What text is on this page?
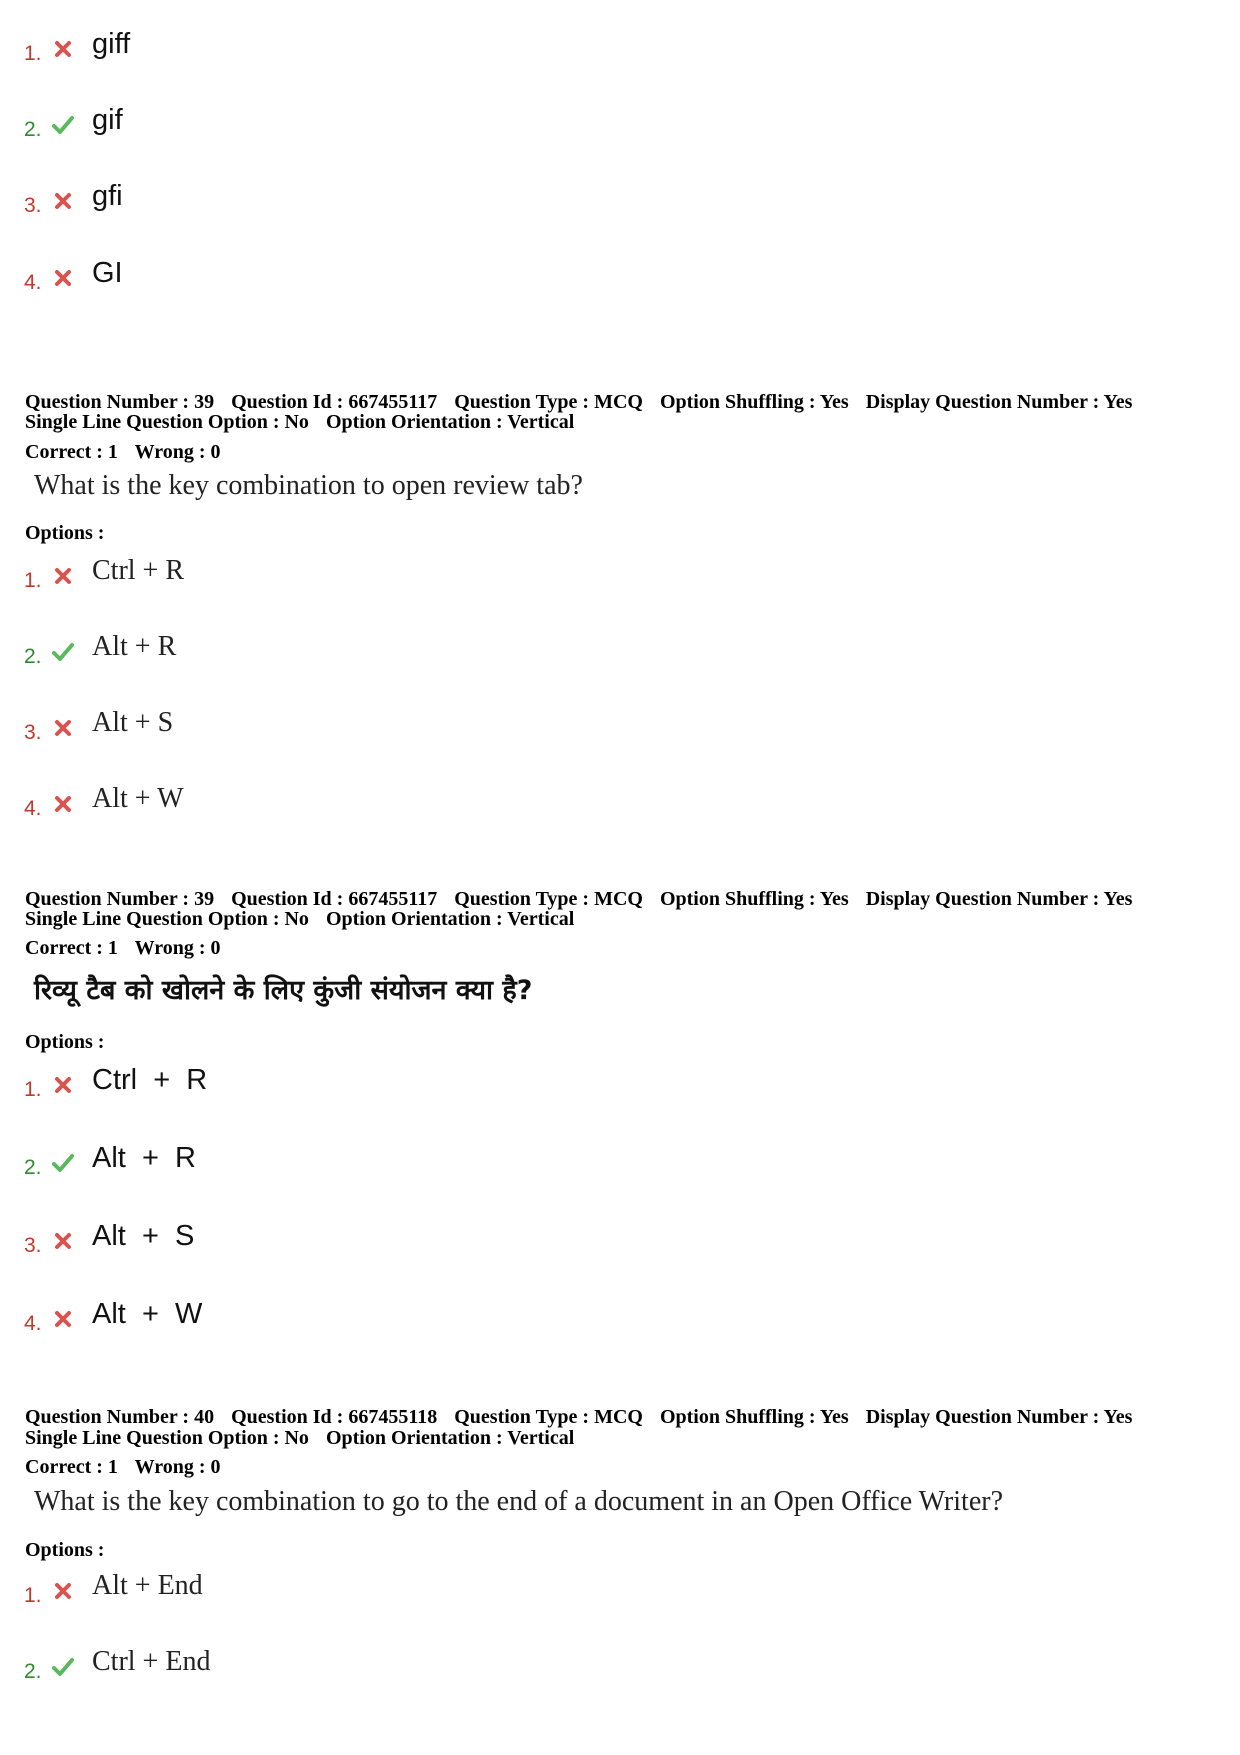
1. giff
2. gif
3. gfi
4. GI
Question Number : 39 Question Id : 667455117 Question Type : MCQ Option Shuffling : Yes Display Question Number : Yes
Single Line Question Option : No Option Orientation : Vertical
Correct : 1 Wrong : 0
What is the key combination to open review tab?
Options :
1. Ctrl + R
2. Alt + R
3. Alt + S
4. Alt + W
Question Number : 39 Question Id : 667455117 Question Type : MCQ Option Shuffling : Yes Display Question Number : Yes
Single Line Question Option : No Option Orientation : Vertical
Correct : 1 Wrong : 0
रिव्यू टैब को खोलने के लिए कुंजी संयोजन क्या है?
Options :
1. Ctrl  +  R
2. Alt  +  R
3. Alt  +  S
4. Alt  +  W
Question Number : 40 Question Id : 667455118 Question Type : MCQ Option Shuffling : Yes Display Question Number : Yes
Single Line Question Option : No Option Orientation : Vertical
Correct : 1 Wrong : 0
What is the key combination to go to the end of a document in an Open Office Writer?
Options :
1. Alt + End
2. Ctrl + End
